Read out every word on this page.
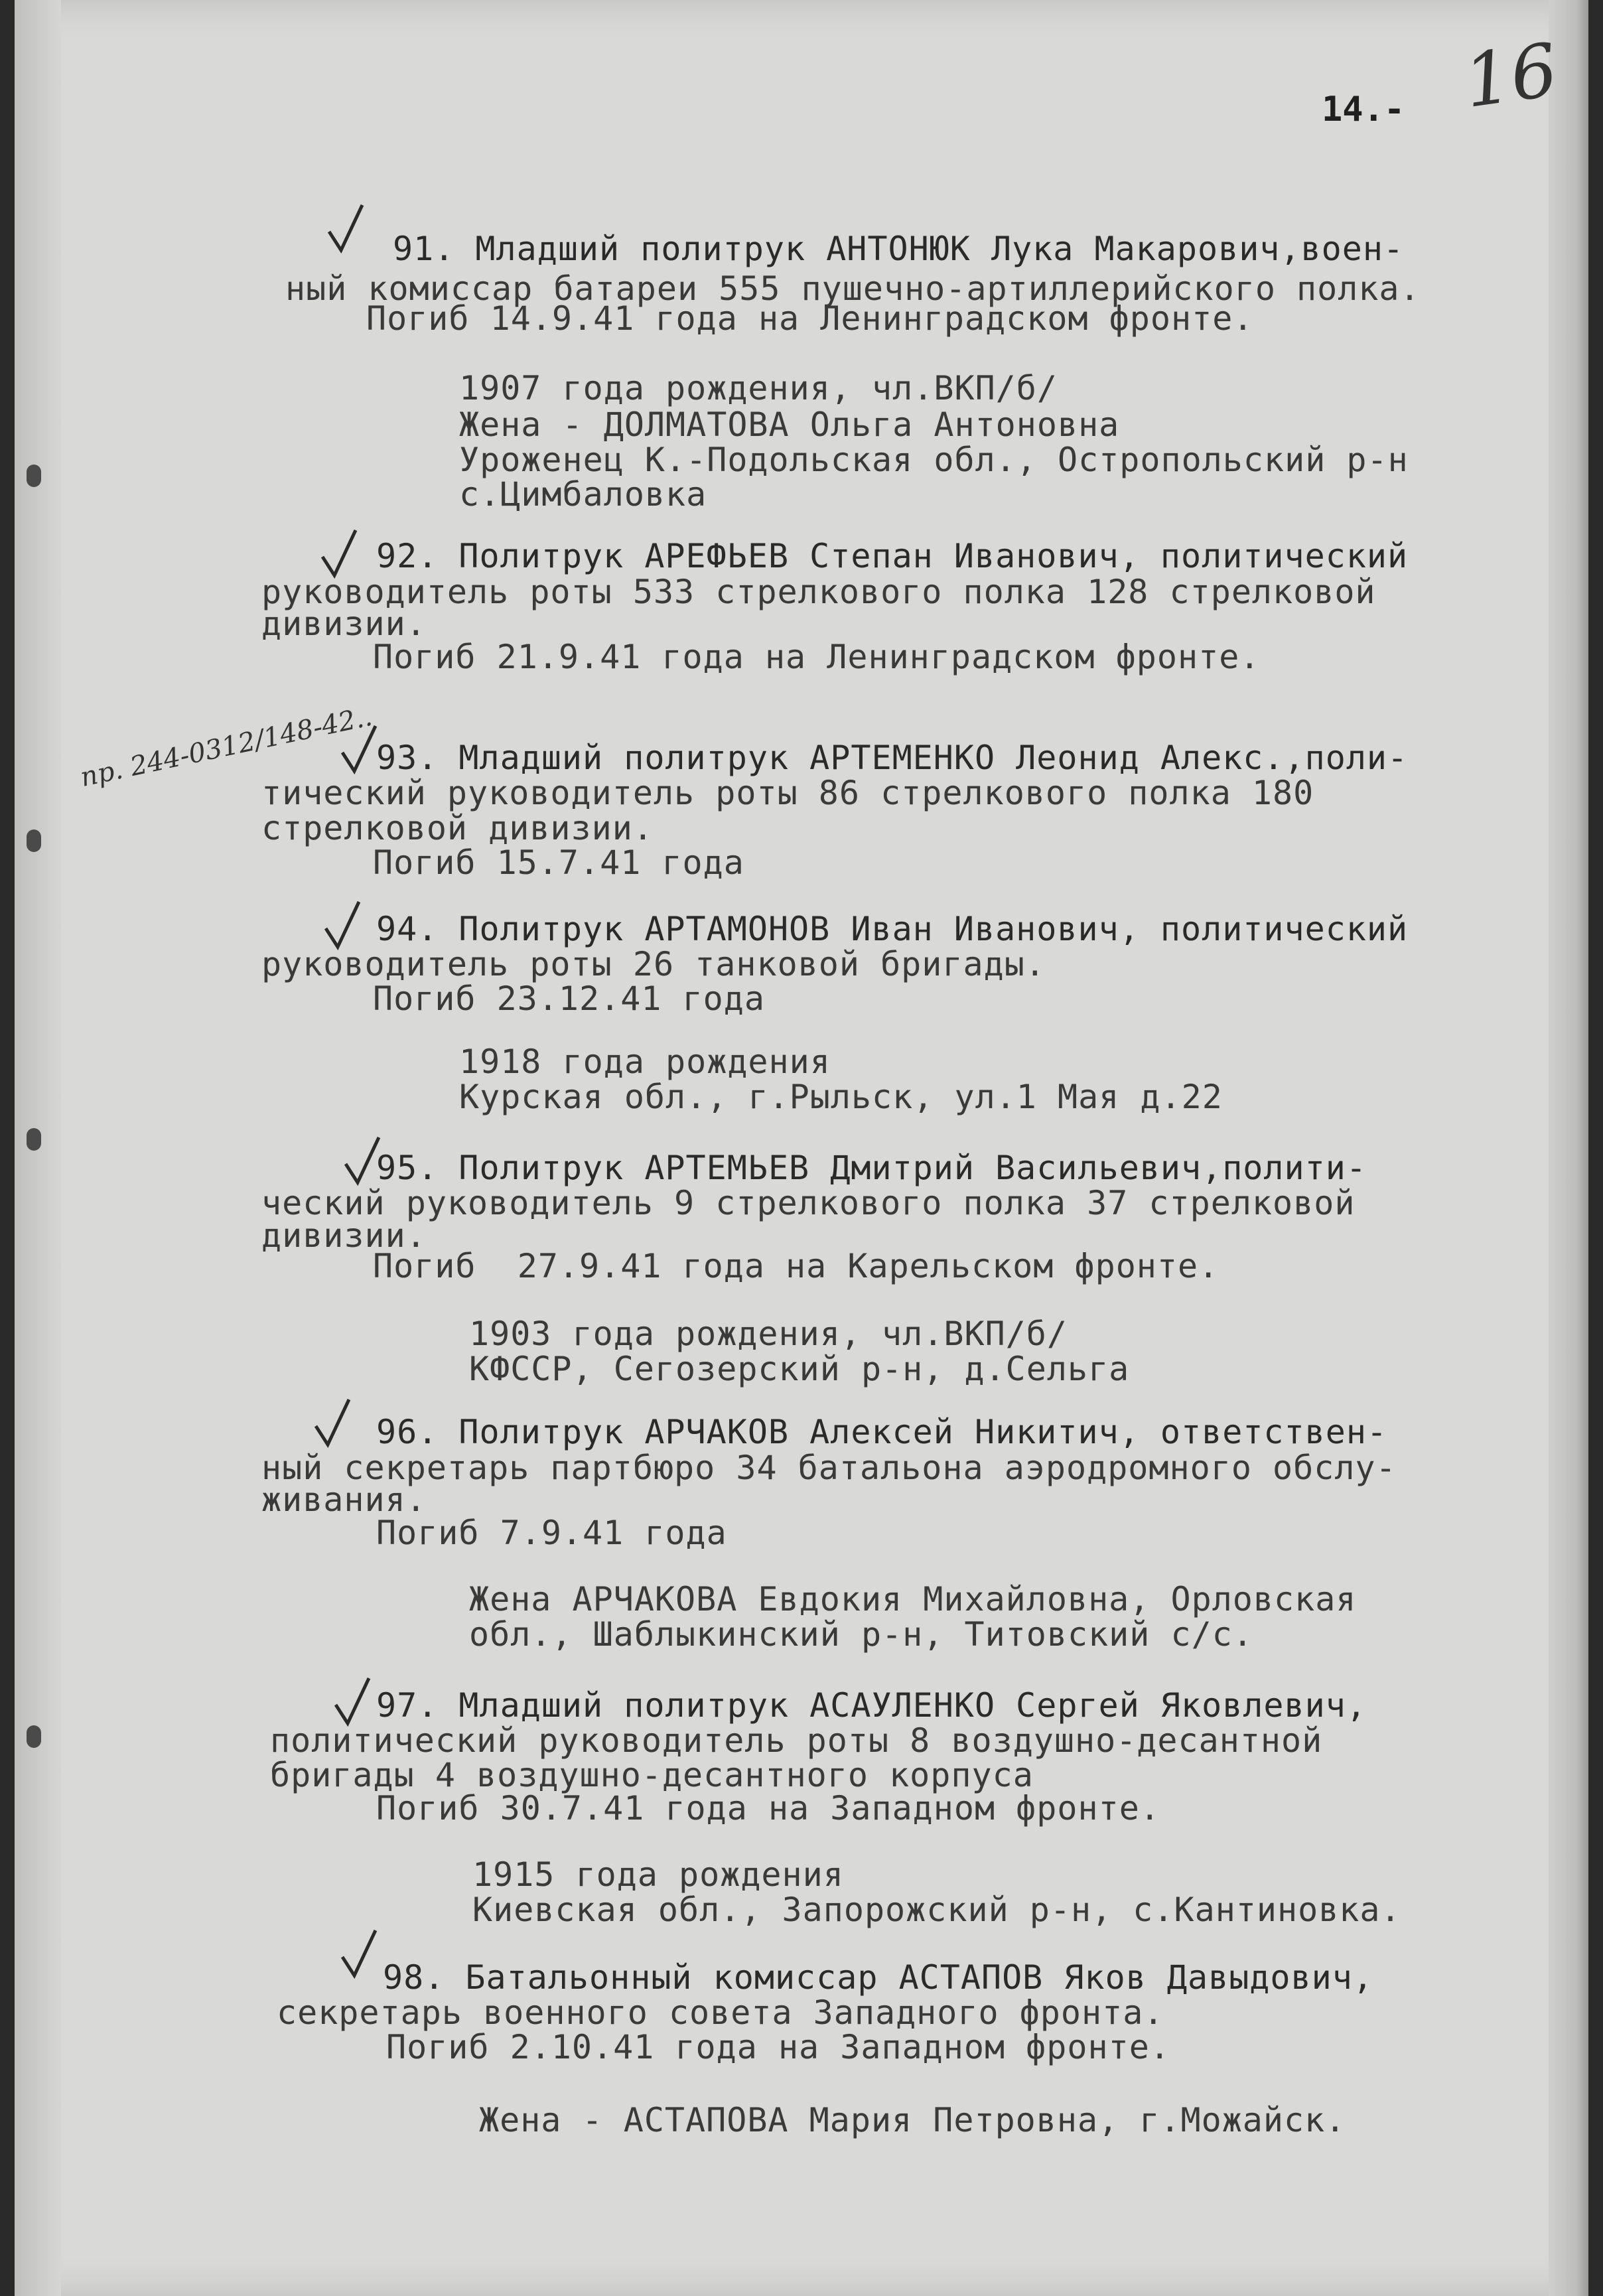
14.- 16
пр. 244-0312/148-42..
91. Младший политрук АНТОНЮК Лука Макарович,воен-
ный комиссар батареи 555 пушечно-артиллерийского полка.
Погиб 14.9.41 года на Ленинградском фронте.
1907 года рождения, чл.ВКП/б/
Жена - ДОЛМАТОВА Ольга Антоновна
Уроженец К.-Подольская обл., Остропольский р-н
с.Цимбаловка
92. Политрук АРЕФЬЕВ Степан Иванович, политический
руководитель роты 533 стрелкового полка 128 стрелковой
дивизии.
Погиб 21.9.41 года на Ленинградском фронте.
93. Младший политрук АРТЕМЕНКО Леонид Алекс.,поли-
тический руководитель роты 86 стрелкового полка 180
стрелковой дивизии.
Погиб 15.7.41 года
94. Политрук АРТАМОНОВ Иван Иванович, политический
руководитель роты 26 танковой бригады.
Погиб 23.12.41 года
1918 года рождения
Курская обл., г.Рыльск, ул.1 Мая д.22
95. Политрук АРТЕМЬЕВ Дмитрий Васильевич,полити-
ческий руководитель 9 стрелкового полка 37 стрелковой
дивизии.
Погиб  27.9.41 года на Карельском фронте.
1903 года рождения, чл.ВКП/б/
КФССР, Сегозерский р-н, д.Сельга
96. Политрук АРЧАКОВ Алексей Никитич, ответствен-
ный секретарь партбюро 34 батальона аэродромного обслу-
живания.
Погиб 7.9.41 года
Жена АРЧАКОВА Евдокия Михайловна, Орловская
обл., Шаблыкинский р-н, Титовский с/с.
97. Младший политрук АСАУЛЕНКО Сергей Яковлевич,
политический руководитель роты 8 воздушно-десантной
бригады 4 воздушно-десантного корпуса
Погиб 30.7.41 года на Западном фронте.
1915 года рождения
Киевская обл., Запорожский р-н, с.Кантиновка.
98. Батальонный комиссар АСТАПОВ Яков Давыдович,
секретарь военного совета Западного фронта.
Погиб 2.10.41 года на Западном фронте.
Жена - АСТАПОВА Мария Петровна, г.Можайск.
